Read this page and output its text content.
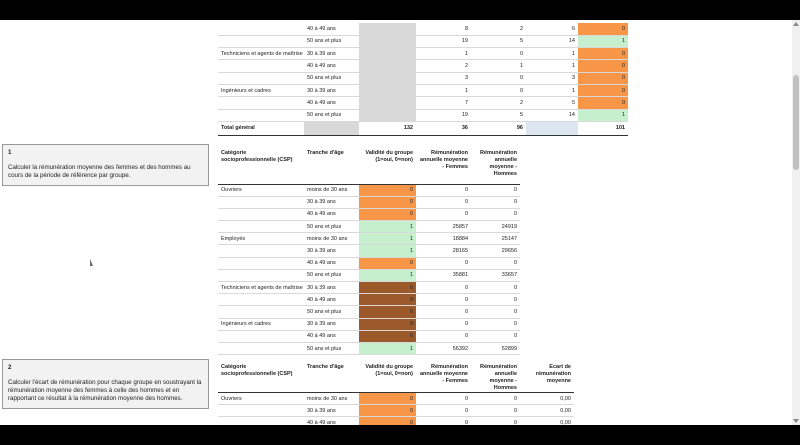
	40 à 49 ans		8	2	6	0	
	50 ans et plus		19	5	14	1	
Techniciens et agents de maîtrise	30 à 39 ans		1	0	1	0	
	40 à 49 ans		2	1	1	0	
	50 ans et plus		3	0	3	0	
Ingénieurs et cadres	30 à 39 ans		1	0	1	0	
	40 à 49 ans		7	2	5	0	
	50 ans et plus		19	5	14	1	
Total général		132	36	96		101	
1
Calculer la rémunération moyenne des femmes et des hommes au cours de la période de référence par groupe.
Catégorie socioprofessionnelle (CSP)	Tranche d'âge	Validité du groupe (1=oui, 0=non)	Rémunération annuelle moyenne - Femmes	Rémunération annuelle moyenne - Hommes
Ouvriers	moins de 30 ans	0	0	0
	30 à 39 ans	0	0	0
	40 à 49 ans	0	0	0
	50 ans et plus	1	25857	24919
Employés	moins de 30 ans	1	18884	25147
	30 à 39 ans	1	28165	29656
	40 à 49 ans	0	0	0
	50 ans et plus	1	35881	33657
Techniciens et agents de maîtrise	30 à 39 ans	0	0	0
	40 à 49 ans	0	0	0
	50 ans et plus	0	0	0
Ingénieurs et cadres	30 à 39 ans	0	0	0
	40 à 49 ans	0	0	0
	50 ans et plus	1	56392	52899
2
Calculer l'écart de rémunération pour chaque groupe en soustrayant la rémunération moyenne des femmes à celle des hommes et en rapportant ce résultat à la rémunération moyenne des hommes.
Catégorie socioprofessionnelle (CSP)	Tranche d'âge	Validité du groupe (1=oui, 0=non)	Rémunération annuelle moyenne - Femmes	Rémunération annuelle moyenne - Hommes	Ecart de rémunération moyenne
Ouvriers	moins de 30 ans	0	0	0	0,00
	30 à 39 ans	0	0	0	0,00
	40 à 49 ans	0	0	0	0,00
